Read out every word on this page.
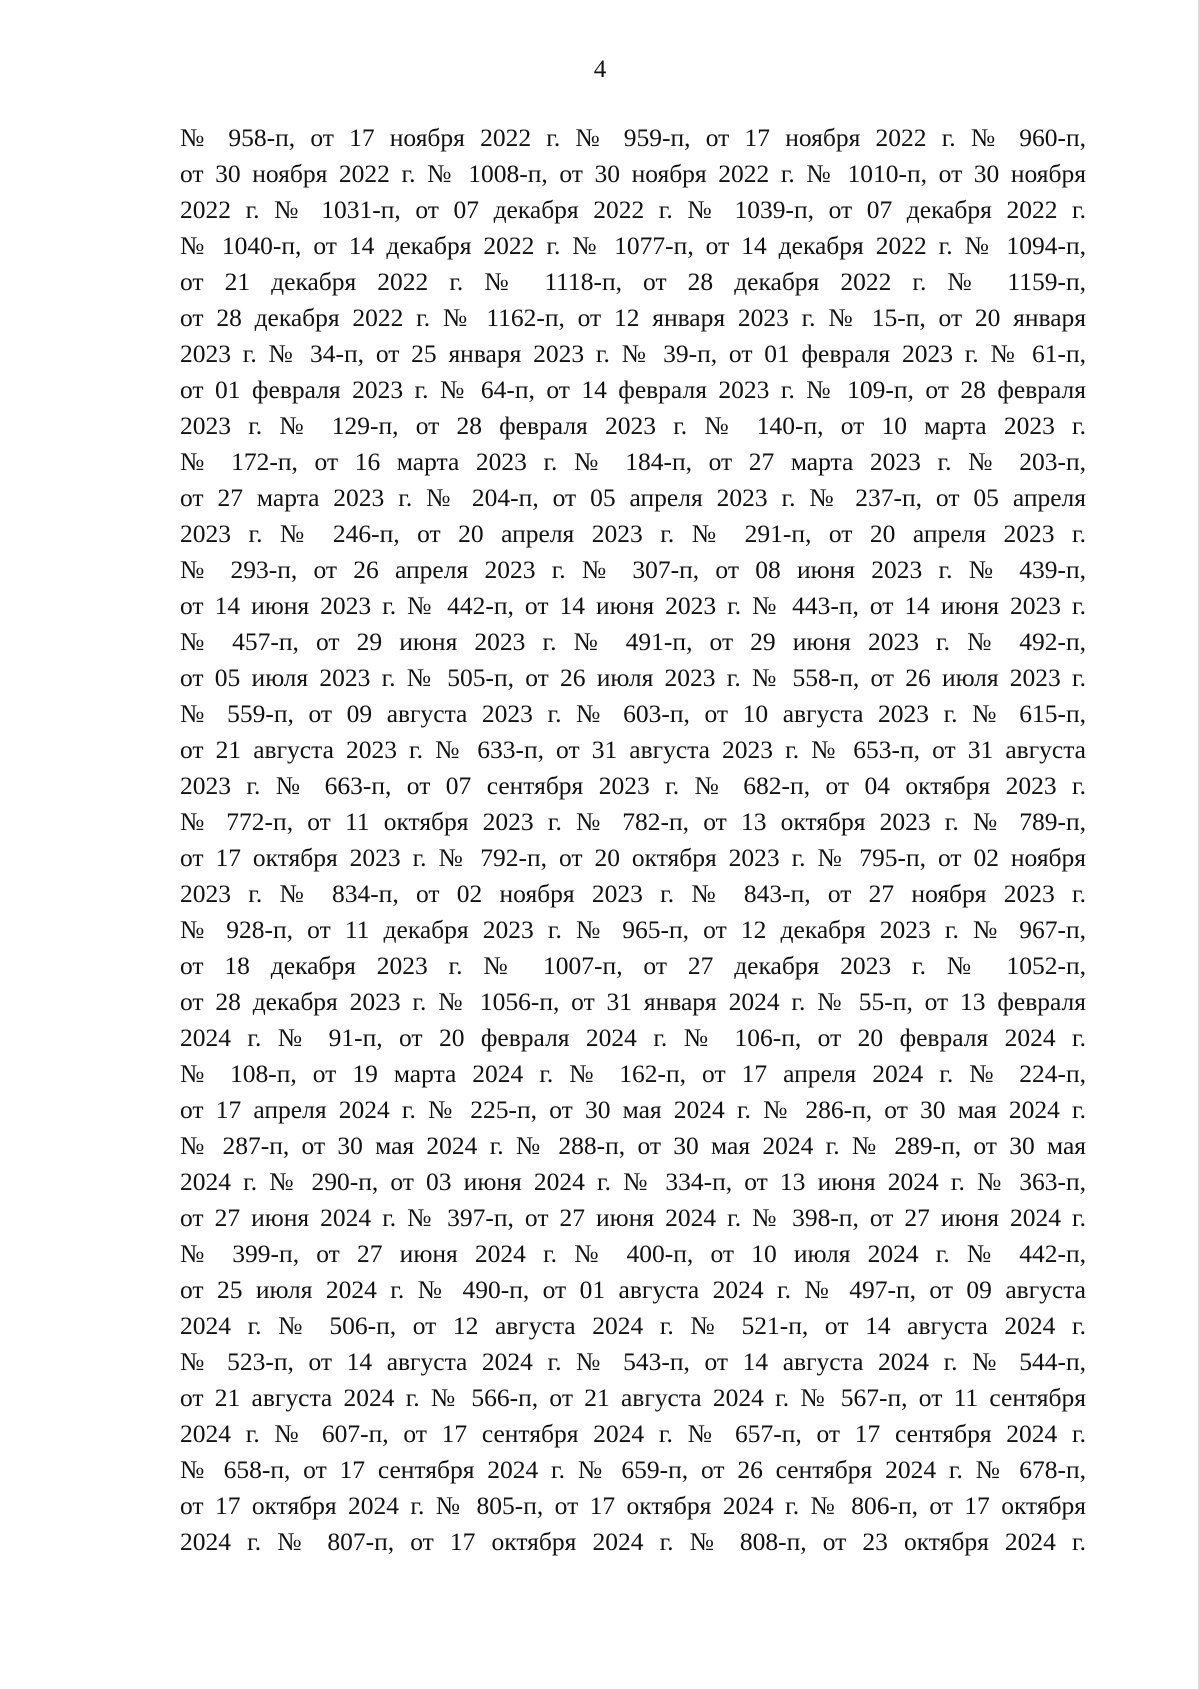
4
№ 958-п, от 17 ноября 2022 г. № 959-п, от 17 ноября 2022 г. № 960-п,
от 30 ноября 2022 г. № 1008-п, от 30 ноября 2022 г. № 1010-п, от 30 ноября
2022 г. № 1031-п, от 07 декабря 2022 г. № 1039-п, от 07 декабря 2022 г.
№ 1040-п, от 14 декабря 2022 г. № 1077-п, от 14 декабря 2022 г. № 1094-п,
от 21 декабря 2022 г. № 1118-п, от 28 декабря 2022 г. № 1159-п,
от 28 декабря 2022 г. № 1162-п, от 12 января 2023 г. № 15-п, от 20 января
2023 г. № 34-п, от 25 января 2023 г. № 39-п, от 01 февраля 2023 г. № 61-п,
от 01 февраля 2023 г. № 64-п, от 14 февраля 2023 г. № 109-п, от 28 февраля
2023 г. № 129-п, от 28 февраля 2023 г. № 140-п, от 10 марта 2023 г.
№ 172-п, от 16 марта 2023 г. № 184-п, от 27 марта 2023 г. № 203-п,
от 27 марта 2023 г. № 204-п, от 05 апреля 2023 г. № 237-п, от 05 апреля
2023 г. № 246-п, от 20 апреля 2023 г. № 291-п, от 20 апреля 2023 г.
№ 293-п, от 26 апреля 2023 г. № 307-п, от 08 июня 2023 г. № 439-п,
от 14 июня 2023 г. № 442-п, от 14 июня 2023 г. № 443-п, от 14 июня 2023 г.
№ 457-п, от 29 июня 2023 г. № 491-п, от 29 июня 2023 г. № 492-п,
от 05 июля 2023 г. № 505-п, от 26 июля 2023 г. № 558-п, от 26 июля 2023 г.
№ 559-п, от 09 августа 2023 г. № 603-п, от 10 августа 2023 г. № 615-п,
от 21 августа 2023 г. № 633-п, от 31 августа 2023 г. № 653-п, от 31 августа
2023 г. № 663-п, от 07 сентября 2023 г. № 682-п, от 04 октября 2023 г.
№ 772-п, от 11 октября 2023 г. № 782-п, от 13 октября 2023 г. № 789-п,
от 17 октября 2023 г. № 792-п, от 20 октября 2023 г. № 795-п, от 02 ноября
2023 г. № 834-п, от 02 ноября 2023 г. № 843-п, от 27 ноября 2023 г.
№ 928-п, от 11 декабря 2023 г. № 965-п, от 12 декабря 2023 г. № 967-п,
от 18 декабря 2023 г. № 1007-п, от 27 декабря 2023 г. № 1052-п,
от 28 декабря 2023 г. № 1056-п, от 31 января 2024 г. № 55-п, от 13 февраля
2024 г. № 91-п, от 20 февраля 2024 г. № 106-п, от 20 февраля 2024 г.
№ 108-п, от 19 марта 2024 г. № 162-п, от 17 апреля 2024 г. № 224-п,
от 17 апреля 2024 г. № 225-п, от 30 мая 2024 г. № 286-п, от 30 мая 2024 г.
№ 287-п, от 30 мая 2024 г. № 288-п, от 30 мая 2024 г. № 289-п, от 30 мая
2024 г. № 290-п, от 03 июня 2024 г. № 334-п, от 13 июня 2024 г. № 363-п,
от 27 июня 2024 г. № 397-п, от 27 июня 2024 г. № 398-п, от 27 июня 2024 г.
№ 399-п, от 27 июня 2024 г. № 400-п, от 10 июля 2024 г. № 442-п,
от 25 июля 2024 г. № 490-п, от 01 августа 2024 г. № 497-п, от 09 августа
2024 г. № 506-п, от 12 августа 2024 г. № 521-п, от 14 августа 2024 г.
№ 523-п, от 14 августа 2024 г. № 543-п, от 14 августа 2024 г. № 544-п,
от 21 августа 2024 г. № 566-п, от 21 августа 2024 г. № 567-п, от 11 сентября
2024 г. № 607-п, от 17 сентября 2024 г. № 657-п, от 17 сентября 2024 г.
№ 658-п, от 17 сентября 2024 г. № 659-п, от 26 сентября 2024 г. № 678-п,
от 17 октября 2024 г. № 805-п, от 17 октября 2024 г. № 806-п, от 17 октября
2024 г. № 807-п, от 17 октября 2024 г. № 808-п, от 23 октября 2024 г.
